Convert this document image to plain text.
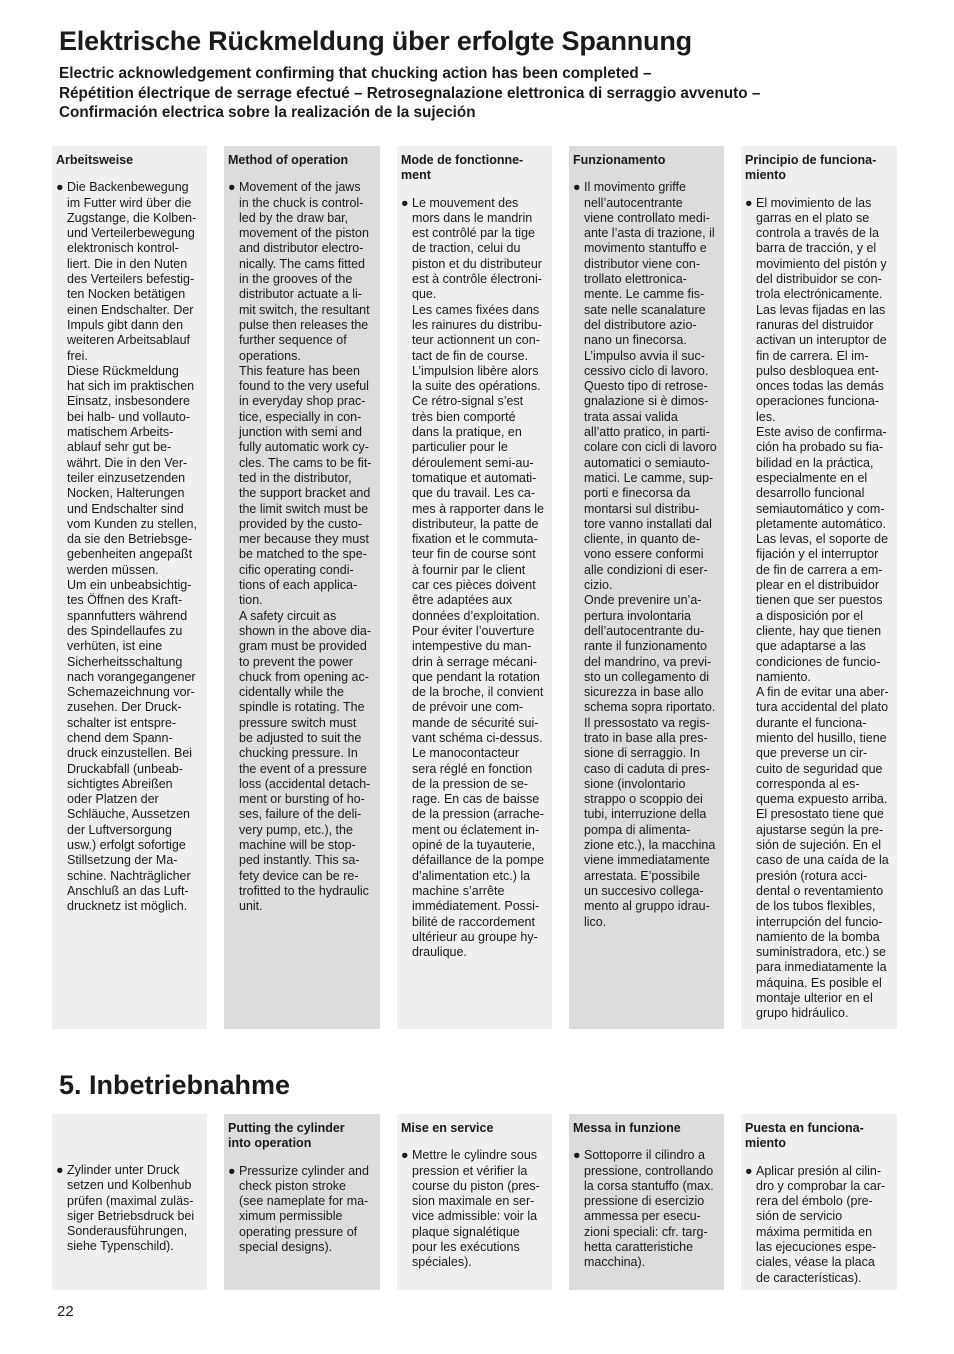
Elektrische Rückmeldung über erfolgte Spannung
Electric acknowledgement confirming that chucking action has been completed –
Répétition électrique de serrage efectué – Retrosegnalazione elettronica di serraggio avvenuto –
Confirmación electrica sobre la realización de la sujeción
Arbeitsweise
● Die Backenbewegung
im Futter wird über die
Zugstange, die Kolben-
und Verteilerbewegung
elektronisch kontrol-
liert. Die in den Nuten
des Verteilers befestig-
ten Nocken betätigen
einen Endschalter. Der
Impuls gibt dann den
weiteren Arbeitsablauf
frei.
Diese Rückmeldung
hat sich im praktischen
Einsatz, insbesondere
bei halb- und vollauto-
matischem Arbeits-
ablauf sehr gut be-
währt. Die in den Ver-
teiler einzusetzenden
Nocken, Halterungen
und Endschalter sind
vom Kunden zu stellen,
da sie den Betriebsge-
gebenheiten angepaßt
werden müssen.
Um ein unbeabsichtig-
tes Öffnen des Kraft-
spannfutters während
des Spindellaufes zu
verhüten, ist eine
Sicherheitsschaltung
nach vorangegangener
Schemazeichnung vor-
zusehen. Der Druck-
schalter ist entspre-
chend dem Spann-
druck einzustellen. Bei
Druckabfall (unbeab-
sichtigtes Abreißen
oder Platzen der
Schläuche, Aussetzen
der Luftversorgung
usw.) erfolgt sofortige
Stillsetzung der Ma-
schine. Nachträglicher
Anschluß an das Luft-
drucknetz ist möglich.
Method of operation
● Movement of the jaws
in the chuck is control-
led by the draw bar,
movement of the piston
and distributor electro-
nically. The cams fitted
in the grooves of the
distributor actuate a li-
mit switch, the resultant
pulse then releases the
further sequence of
operations.
This feature has been
found to the very useful
in everyday shop prac-
tice, especially in con-
junction with semi and
fully automatic work cy-
cles. The cams to be fit-
ted in the distributor,
the support bracket and
the limit switch must be
provided by the custo-
mer because they must
be matched to the spe-
cific operating condi-
tions of each applica-
tion.
A safety circuit as
shown in the above dia-
gram must be provided
to prevent the power
chuck from opening ac-
cidentally while the
spindle is rotating. The
pressure switch must
be adjusted to suit the
chucking pressure. In
the event of a pressure
loss (accidental detach-
ment or bursting of ho-
ses, failure of the deli-
very pump, etc.), the
machine will be stop-
ped instantly. This sa-
fety device can be re-
trofitted to the hydraulic
unit.
Mode de fonctionne-
ment
● Le mouvement des
mors dans le mandrin
est contrôlé par la tige
de traction, celui du
piston et du distributeur
est à contrôle électroni-
que.
Les cames fixées dans
les rainures du distribu-
teur actionnent un con-
tact de fin de course.
L’impulsion libère alors
la suite des opérations.
Ce rétro-signal s’est
très bien comporté
dans la pratique, en
particulier pour le
déroulement semi-au-
tomatique et automati-
que du travail. Les ca-
mes à rapporter dans le
distributeur, la patte de
fixation et le commuta-
teur fin de course sont
à fournir par le client
car ces pièces doivent
être adaptées aux
données d’exploitation.
Pour éviter l’ouverture
intempestive du man-
drin à serrage mécani-
que pendant la rotation
de la broche, il convient
de prévoir une com-
mande de sécurité sui-
vant schéma ci-dessus.
Le manocontacteur
sera réglé en fonction
de la pression de se-
rage. En cas de baisse
de la pression (arrache-
ment ou éclatement in-
opiné de la tuyauterie,
défaillance de la pompe
d’alimentation etc.) la
machine s’arrête
immédiatement. Possi-
bilité de raccordement
ultérieur au groupe hy-
draulique.
Funzionamento
● Il movimento griffe
nell’autocentrante
viene controllato medi-
ante l’asta di trazione, il
movimento stantuffo e
distributor viene con-
trollato elettronica-
mente. Le camme fis-
sate nelle scanalature
del distributore azio-
nano un finecorsa.
L’impulso avvia il suc-
cessivo ciclo di lavoro.
Questo tipo di retrose-
gnalazione si è dimos-
trata assai valida
all’atto pratico, in parti-
colare con cicli di lavoro
automatici o semiauto-
matici. Le camme, sup-
porti e finecorsa da
montarsi sul distribu-
tore vanno installati dal
cliente, in quanto de-
vono essere conformi
alle condizioni di eser-
cizio.
Onde prevenire un’a-
pertura involontaria
dell’autocentrante du-
rante il funzionamento
del mandrino, va previ-
sto un collegamento di
sicurezza in base allo
schema sopra riportato.
Il pressostato va regis-
trato in base alla pres-
sione di serraggio. In
caso di caduta di pres-
sione (involontario
strappo o scoppio dei
tubi, interruzione della
pompa di alimenta-
zione etc.), la macchina
viene immediatamente
arrestata. E’possibile
un succesivo collega-
mento al gruppo idrau-
lico.
Principio de funciona-
miento
● El movimiento de las
garras en el plato se
controla a través de la
barra de tracción, y el
movimiento del pistón y
del distribuidor se con-
trola electrónicamente.
Las levas fijadas en las
ranuras del distruidor
activan un interuptor de
fin de carrera. El im-
pulso desbloquea ent-
onces todas las demás
operaciones funciona-
les.
Este aviso de confirma-
ción ha probado su fia-
bilidad en la práctica,
especialmente en el
desarrollo funcional
semiautomático y com-
pletamente automático.
Las levas, el soporte de
fijación y el interruptor
de fin de carrera a em-
plear en el distribuidor
tienen que ser puestos
a disposición por el
cliente, hay que tienen
que adaptarse a las
condiciones de funcio-
namiento.
A fin de evitar una aber-
tura accidental del plato
durante el funciona-
miento del husillo, tiene
que preverse un cir-
cuito de seguridad que
corresponda al es-
quema expuesto arriba.
El presostato tiene que
ajustarse según la pre-
sión de sujeción. En el
caso de una caída de la
presión (rotura acci-
dental o reventamiento
de los tubos flexibles,
interrupción del funcio-
namiento de la bomba
suministradora, etc.) se
para inmediatamente la
máquina. Es posible el
montaje ulterior en el
grupo hidráulico.
5. Inbetriebnahme
● Zylinder unter Druck
setzen und Kolbenhub
prüfen (maximal zuläs-
siger Betriebsdruck bei
Sonderausführungen,
siehe Typenschild).
Putting the cylinder
into operation
● Pressurize cylinder and
check piston stroke
(see nameplate for ma-
ximum permissible
operating pressure of
special designs).
Mise en service
● Mettre le cylindre sous
pression et vérifier la
course du piston (pres-
sion maximale en ser-
vice admissible: voir la
plaque signalétique
pour les exécutions
spéciales).
Messa in funzione
● Sottoporre il cilindro a
pressione, controllando
la corsa stantuffo (max.
pressione di esercizio
ammessa per esecu-
zioni speciali: cfr. targ-
hetta caratteristiche
macchina).
Puesta en funciona-
miento
● Aplicar presión al cilin-
dro y comprobar la car-
rera del émbolo (pre-
sión de servicio
máxima permitida en
las ejecuciones espe-
ciales, véase la placa
de características).
22
